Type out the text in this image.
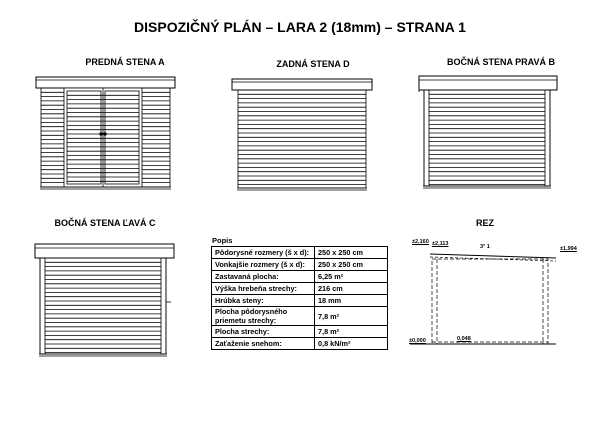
DISPOZIČNÝ PLÁN – LARA 2 (18mm) – STRANA 1
PREDNÁ STENA A	ZADNÁ STENA D	BOČNÁ STENA PRAVÁ B
BOČNÁ STENA ĽAVÁ C	REZ
±2,160 ±2,113	3° 1	±1,994
±0,000	0,048
Popis
Pôdorysné rozmery (š x d):	250 x 250 cm
Vonkajšie rozmery (š x d):	250 x 250 cm
Zastavaná plocha:	6,25 m²
Výška hrebeňa strechy:	216 cm
Hrúbka steny:	18 mm
Plocha pôdorysného priemetu strechy:	7,8 m²
Plocha strechy:	7,8 m²
Zaťaženie snehom:	0,8 kN/m²
